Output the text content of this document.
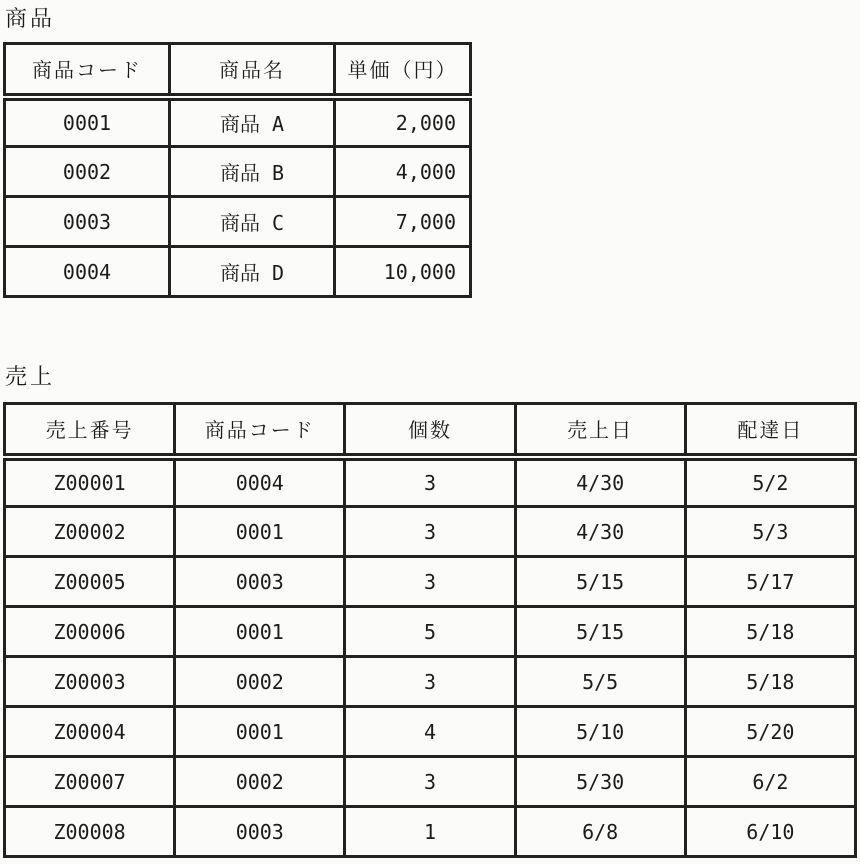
商品
商品コード	商品名	単価（円）
0001	商品 A	2,000
0002	商品 B	4,000
0003	商品 C	7,000
0004	商品 D	10,000
売上
売上番号	商品コード	個数	売上日	配達日
Z00001	0004	3	4/30	5/2
Z00002	0001	3	4/30	5/3
Z00005	0003	3	5/15	5/17
Z00006	0001	5	5/15	5/18
Z00003	0002	3	5/5	5/18
Z00004	0001	4	5/10	5/20
Z00007	0002	3	5/30	6/2
Z00008	0003	1	6/8	6/10
